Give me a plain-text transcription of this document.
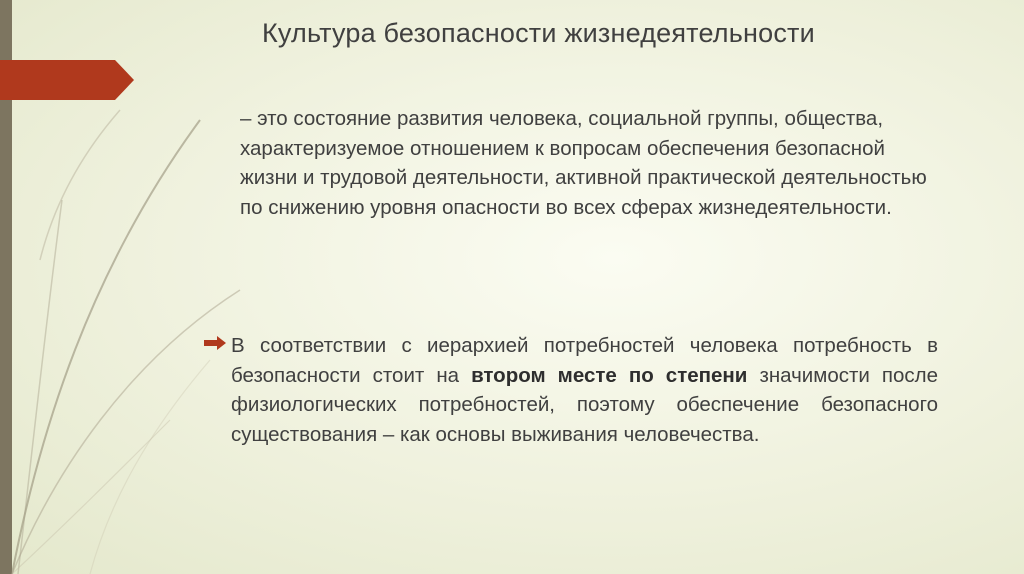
Культура безопасности жизнедеятельности

– это состояние развития человека, социальной группы, общества, характеризуемое отношением к вопросам обеспечения безопасной жизни и трудовой деятельности, активной практической деятельностью по снижению уровня опасности во всех сферах жизнедеятельности.

В соответствии с иерархией потребностей человека потребность в безопасности стоит на втором месте по степени значимости после физиологических потребностей, поэтому обеспечение безопасного существования – как основы выживания человечества.
